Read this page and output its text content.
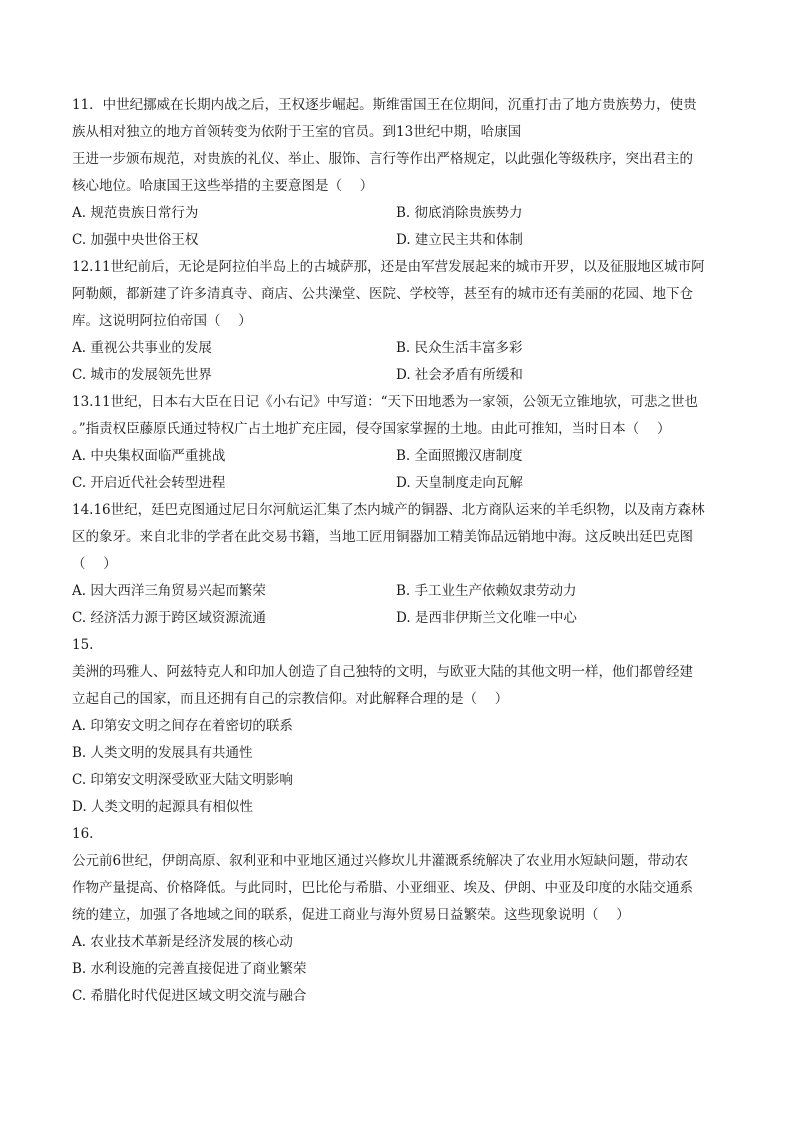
11．中世纪挪威在长期内战之后，王权逐步崛起。斯维雷国王在位期间，沉重打击了地方贵族势力，使贵
族从相对独立的地方首领转变为依附于王室的官员。到13世纪中期，哈康国
王进一步颁布规范，对贵族的礼仪、举止、服饰、言行等作出严格规定，以此强化等级秩序，突出君主的
核心地位。哈康国王这些举措的主要意图是（　 ）
A. 规范贵族日常行为	B. 彻底消除贵族势力
C. 加强中央世俗王权	D. 建立民主共和体制
12.11世纪前后，无论是阿拉伯半岛上的古城萨那，还是由军营发展起来的城市开罗，以及征服地区城市阿
阿勒颇，都新建了许多清真寺、商店、公共澡堂、医院、学校等，甚至有的城市还有美丽的花园、地下仓
库。这说明阿拉伯帝国（　 ）
A. 重视公共事业的发展	B. 民众生活丰富多彩
C. 城市的发展领先世界	D. 社会矛盾有所缓和
13.11世纪，日本右大臣在日记《小右记》中写道：“天下田地悉为一家领，公领无立锥地欤，可悲之世也
。”指责权臣藤原氏通过特权广占土地扩充庄园，侵夺国家掌握的土地。由此可推知，当时日本（　 ）
A. 中央集权面临严重挑战	B. 全面照搬汉唐制度
C. 开启近代社会转型进程	D. 天皇制度走向瓦解
14.16世纪，廷巴克图通过尼日尔河航运汇集了杰内城产的铜器、北方商队运来的羊毛织物，以及南方森林
区的象牙。来自北非的学者在此交易书籍，当地工匠用铜器加工精美饰品远销地中海。这反映出廷巴克图
（　 ）
A. 因大西洋三角贸易兴起而繁荣	B. 手工业生产依赖奴隶劳动力
C. 经济活力源于跨区域资源流通	D. 是西非伊斯兰文化唯一中心
15.
美洲的玛雅人、阿兹特克人和印加人创造了自己独特的文明，与欧亚大陆的其他文明一样，他们都曾经建
立起自己的国家，而且还拥有自己的宗教信仰。对此解释合理的是（　 ）
A. 印第安文明之间存在着密切的联系
B. 人类文明的发展具有共通性
C. 印第安文明深受欧亚大陆文明影响
D. 人类文明的起源具有相似性
16.
公元前6世纪，伊朗高原、叙利亚和中亚地区通过兴修坎儿井灌溉系统解决了农业用水短缺问题，带动农
作物产量提高、价格降低。与此同时，巴比伦与希腊、小亚细亚、埃及、伊朗、中亚及印度的水陆交通系
统的建立，加强了各地域之间的联系，促进工商业与海外贸易日益繁荣。这些现象说明（　 ）
A. 农业技术革新是经济发展的核心动
B. 水利设施的完善直接促进了商业繁荣
C. 希腊化时代促进区域文明交流与融合
